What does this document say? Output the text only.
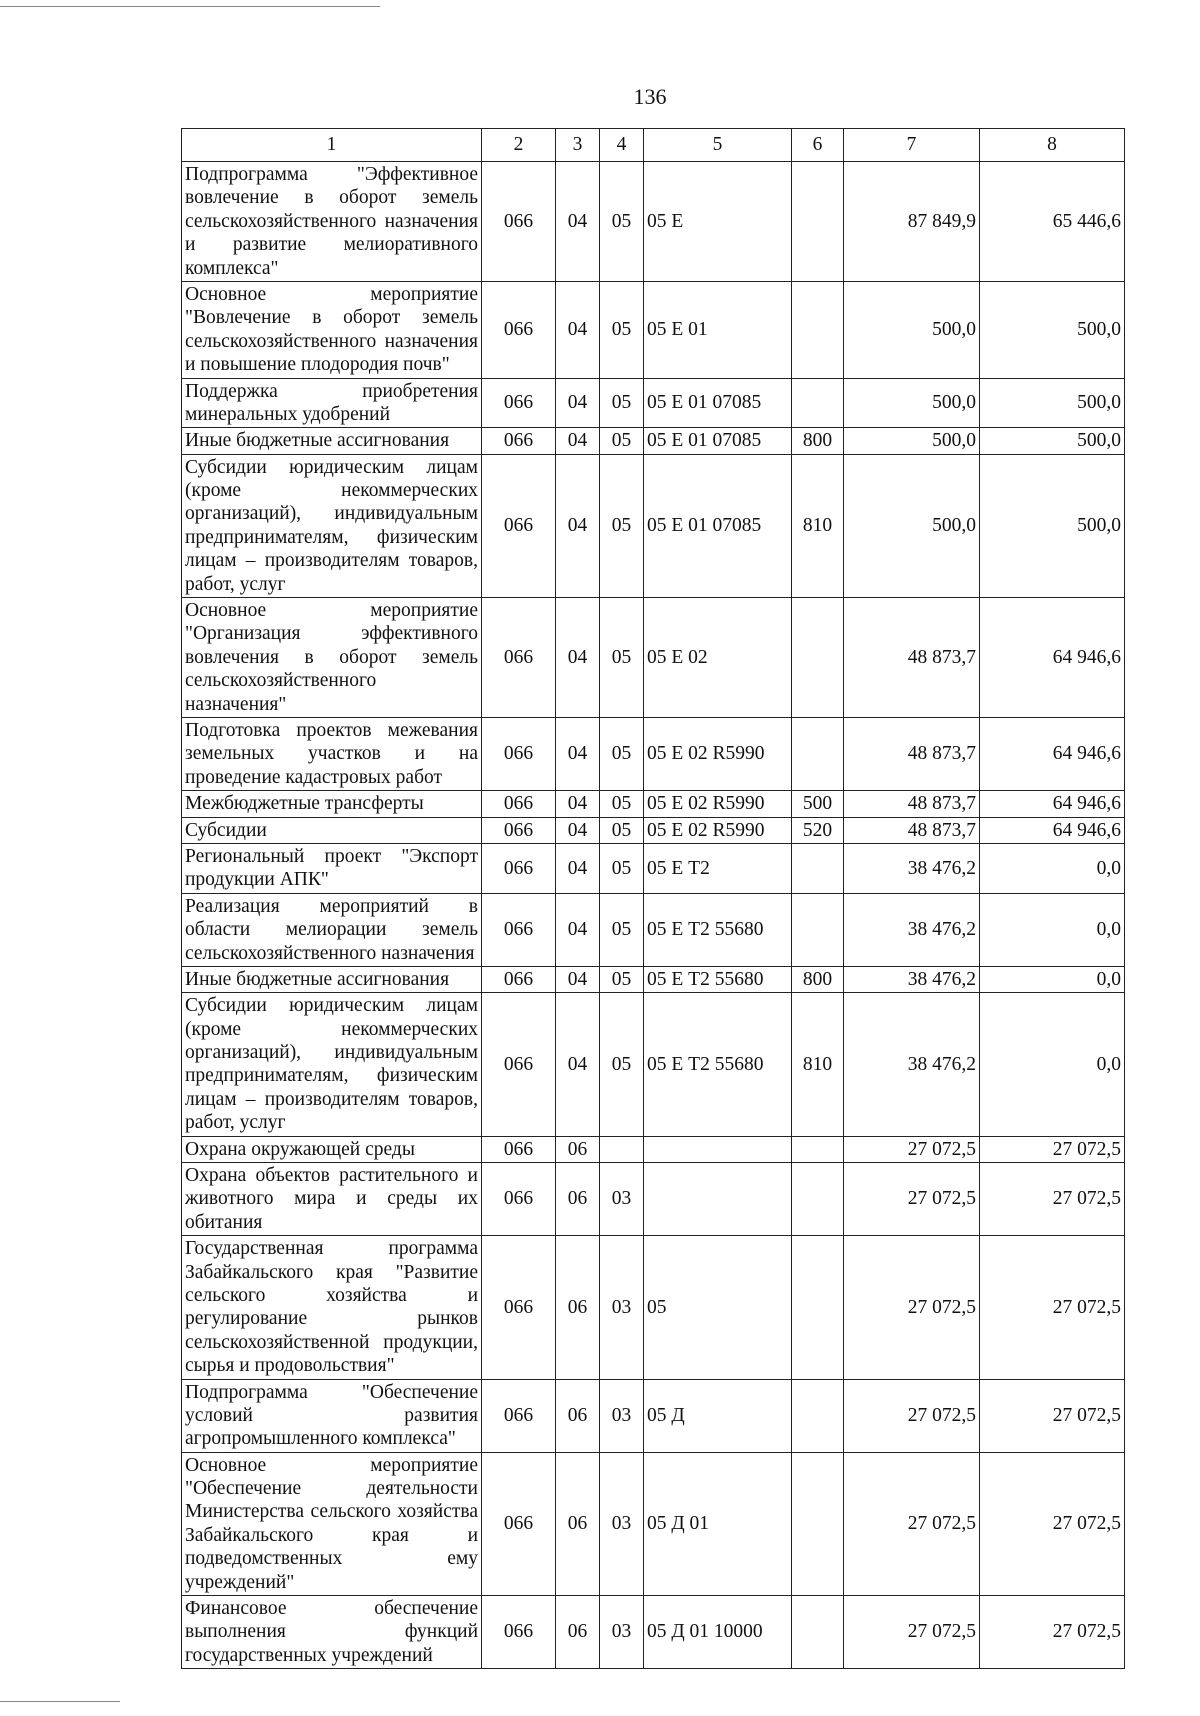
136
1	2	3	4	5	6	7	8
Подпрограмма "Эффективное вовлечение в оборот земель сельскохозяйственного назначения и развитие мелиоративного комплекса"	066	04	05	05 Е		87 849,9	65 446,6
Основное мероприятие "Вовлечение в оборот земель сельскохозяйственного назначения и повышение плодородия почв"	066	04	05	05 Е 01		500,0	500,0
Поддержка приобретения минеральных удобрений	066	04	05	05 Е 01 07085		500,0	500,0
Иные бюджетные ассигнования	066	04	05	05 Е 01 07085	800	500,0	500,0
Субсидии юридическим лицам (кроме некоммерческих организаций), индивидуальным предпринимателям, физическим лицам – производителям товаров, работ, услуг	066	04	05	05 Е 01 07085	810	500,0	500,0
Основное мероприятие "Организация эффективного вовлечения в оборот земель сельскохозяйственного назначения"	066	04	05	05 Е 02		48 873,7	64 946,6
Подготовка проектов межевания земельных участков и на проведение кадастровых работ	066	04	05	05 Е 02 R5990		48 873,7	64 946,6
Межбюджетные трансферты	066	04	05	05 Е 02 R5990	500	48 873,7	64 946,6
Субсидии	066	04	05	05 Е 02 R5990	520	48 873,7	64 946,6
Региональный проект "Экспорт продукции АПК"	066	04	05	05 Е Т2		38 476,2	0,0
Реализация мероприятий в области мелиорации земель сельскохозяйственного назначения	066	04	05	05 Е Т2 55680		38 476,2	0,0
Иные бюджетные ассигнования	066	04	05	05 Е Т2 55680	800	38 476,2	0,0
Субсидии юридическим лицам (кроме некоммерческих организаций), индивидуальным предпринимателям, физическим лицам – производителям товаров, работ, услуг	066	04	05	05 Е Т2 55680	810	38 476,2	0,0
Охрана окружающей среды	066	06				27 072,5	27 072,5
Охрана объектов растительного и животного мира и среды их обитания	066	06	03			27 072,5	27 072,5
Государственная программа Забайкальского края "Развитие сельского хозяйства и регулирование рынков сельскохозяйственной продукции, сырья и продовольствия"	066	06	03	05		27 072,5	27 072,5
Подпрограмма "Обеспечение условий развития агропромышленного комплекса"	066	06	03	05 Д		27 072,5	27 072,5
Основное мероприятие "Обеспечение деятельности Министерства сельского хозяйства Забайкальского края и подведомственных ему учреждений"	066	06	03	05 Д 01		27 072,5	27 072,5
Финансовое обеспечение выполнения функций государственных учреждений	066	06	03	05 Д 01 10000		27 072,5	27 072,5
